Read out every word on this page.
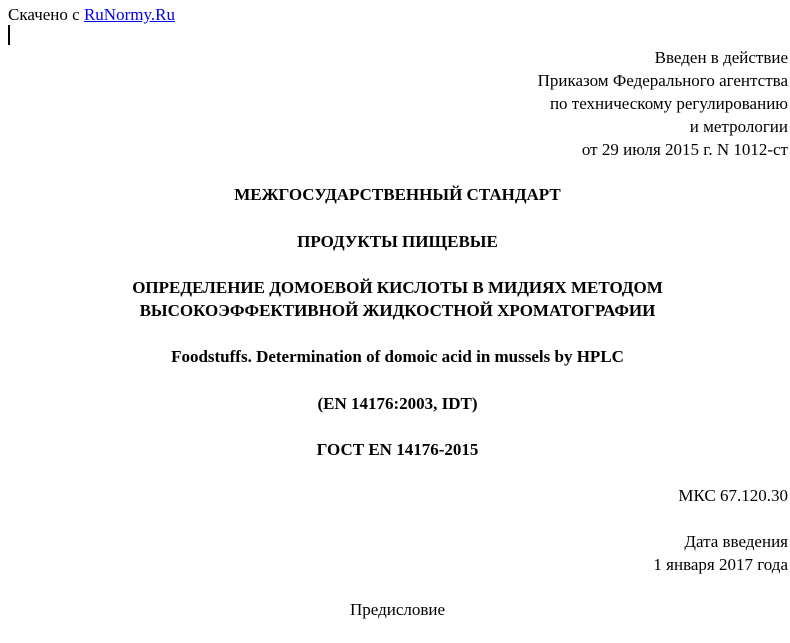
Скачено с RuNormy.Ru
Введен в действие
Приказом Федерального агентства
по техническому регулированию
и метрологии
от 29 июля 2015 г. N 1012-ст
МЕЖГОСУДАРСТВЕННЫЙ СТАНДАРТ
ПРОДУКТЫ ПИЩЕВЫЕ
ОПРЕДЕЛЕНИЕ ДОМОЕВОЙ КИСЛОТЫ В МИДИЯХ МЕТОДОМ
ВЫСОКОЭФФЕКТИВНОЙ ЖИДКОСТНОЙ ХРОМАТОГРАФИИ
Foodstuffs. Determination of domoic acid in mussels by HPLC
(EN 14176:2003, IDT)
ГОСТ EN 14176-2015
МКС 67.120.30
Дата введения
1 января 2017 года
Предисловие
